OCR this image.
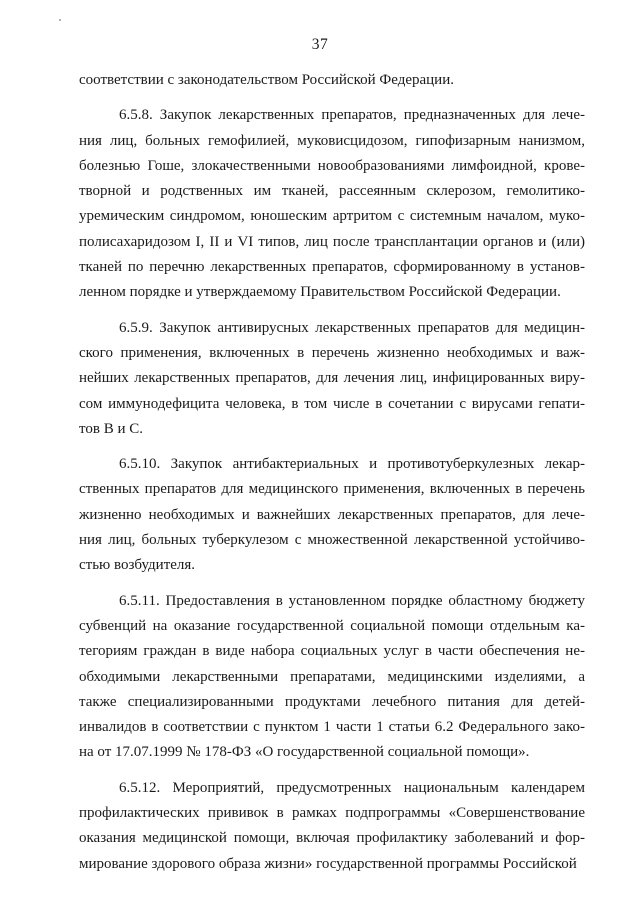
37
соответствии с законодательством Российской Федерации.
6.5.8. Закупок лекарственных препаратов, предназначенных для лече-
ния лиц, больных гемофилией, муковисцидозом, гипофизарным нанизмом,
болезнью Гоше, злокачественными новообразованиями лимфоидной, крове-
творной и родственных им тканей, рассеянным склерозом, гемолитико-
уремическим синдромом, юношеским артритом с системным началом, муко-
полисахаридозом I, II и VI типов, лиц после трансплантации органов и (или)
тканей по перечню лекарственных препаратов, сформированному в установ-
ленном порядке и утверждаемому Правительством Российской Федерации.
6.5.9. Закупок антивирусных лекарственных препаратов для медицин-
ского применения, включенных в перечень жизненно необходимых и важ-
нейших лекарственных препаратов, для лечения лиц, инфицированных виру-
сом иммунодефицита человека, в том числе в сочетании с вирусами гепати-
тов В и С.
6.5.10. Закупок антибактериальных и противотуберкулезных лекар-
ственных препаратов для медицинского применения, включенных в перечень
жизненно необходимых и важнейших лекарственных препаратов, для лече-
ния лиц, больных туберкулезом с множественной лекарственной устойчиво-
стью возбудителя.
6.5.11. Предоставления в установленном порядке областному бюджету
субвенций на оказание государственной социальной помощи отдельным ка-
тегориям граждан в виде набора социальных услуг в части обеспечения не-
обходимыми лекарственными препаратами, медицинскими изделиями, а
также специализированными продуктами лечебного питания для детей-
инвалидов в соответствии с пунктом 1 части 1 статьи 6.2 Федерального зако-
на от 17.07.1999 № 178-ФЗ «О государственной социальной помощи».
6.5.12. Мероприятий, предусмотренных национальным календарем
профилактических прививок в рамках подпрограммы «Совершенствование
оказания медицинской помощи, включая профилактику заболеваний и фор-
мирование здорового образа жизни» государственной программы Российской
